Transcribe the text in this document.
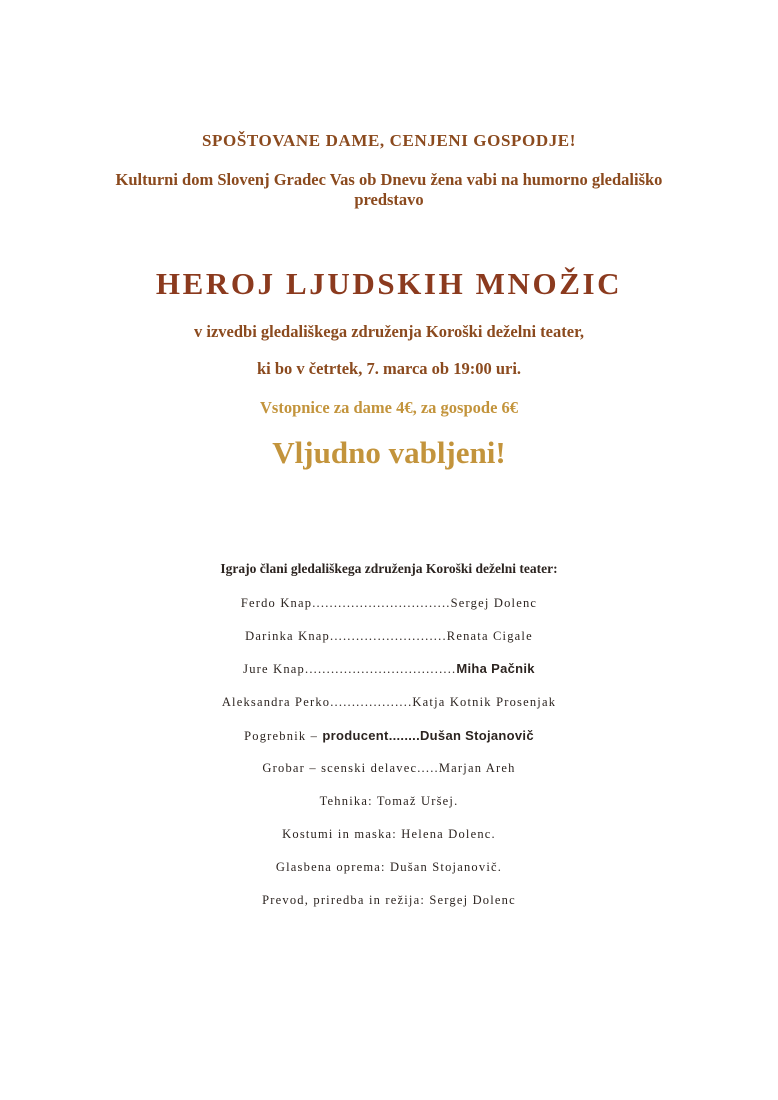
SPOŠTOVANE DAME, CENJENI GOSPODJE!

Kulturni dom Slovenj Gradec Vas ob Dnevu žena vabi na humorno gledališko predstavo

HEROJ LJUDSKIH MNOŽIC

v izvedbi gledališkega združenja Koroški deželni teater,

ki bo v četrtek, 7. marca ob 19:00 uri.

Vstopnice za dame 4€, za gospode 6€

Vljudno vabljeni!

Igrajo člani gledališkega združenja Koroški deželni teater:

Ferdo Knap................................Sergej Dolenc
Darinka Knap...........................Renata Cigale
Jure Knap...................................Miha Pačnik
Aleksandra Perko...................Katja Kotnik Prosenjak
Pogrebnik – producent........Dušan Stojanovič
Grobar – scenski delavec.....Marjan Areh
Tehnika: Tomaž Uršej.
Kostumi in maska: Helena Dolenc.
Glasbena oprema: Dušan Stojanovič.
Prevod, priredba in režija: Sergej Dolenc
